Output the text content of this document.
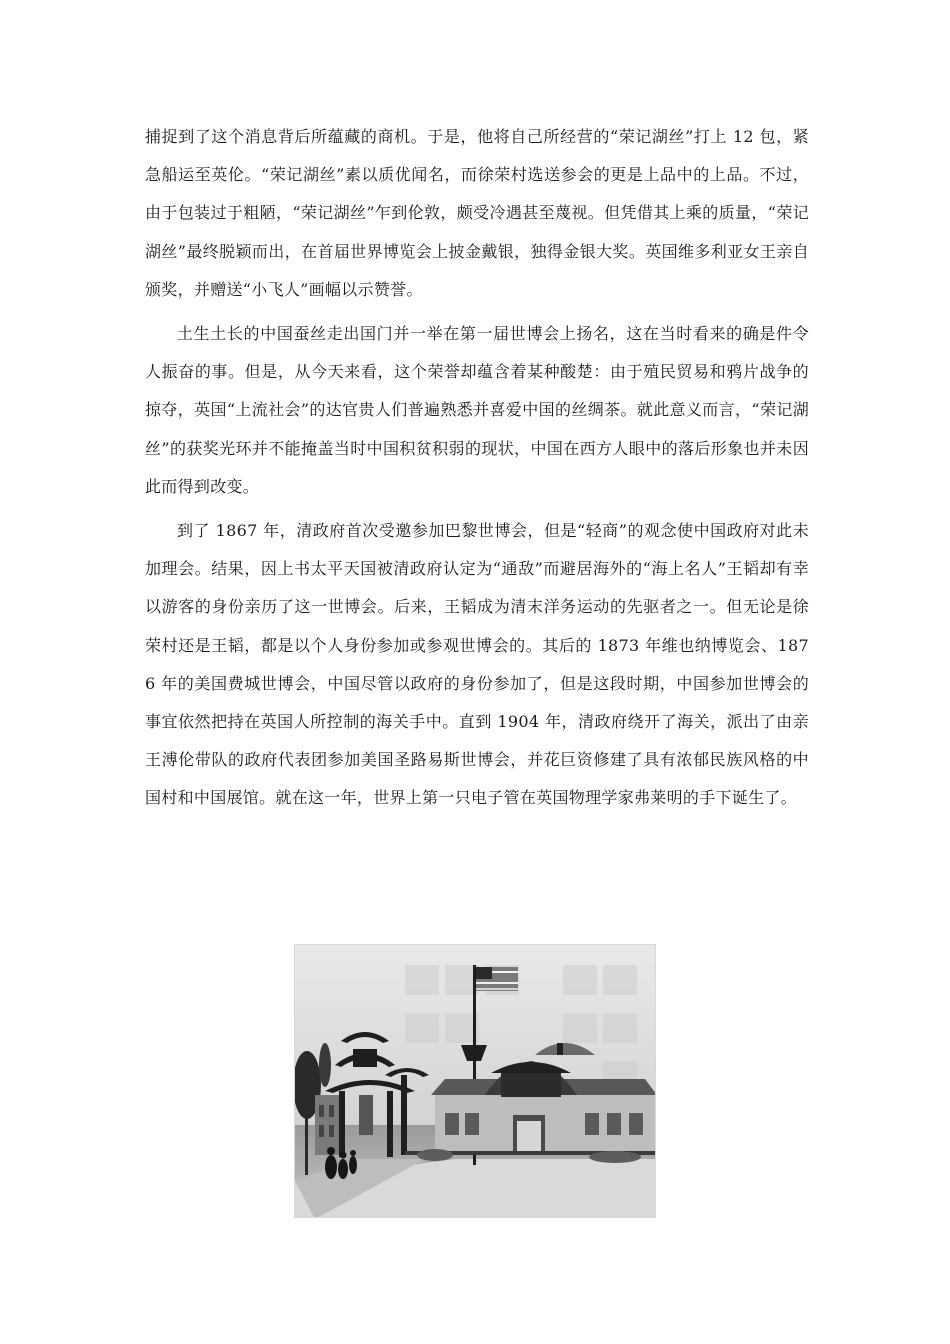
捕捉到了这个消息背后所蕴藏的商机。于是，他将自己所经营的“荣记湖丝”打上 12 包，紧急船运至英伦。“荣记湖丝”素以质优闻名，而徐荣村选送参会的更是上品中的上品。不过，由于包装过于粗陋，“荣记湖丝”乍到伦敦，颇受冷遇甚至蔑视。但凭借其上乘的质量，“荣记湖丝”最终脱颖而出，在首届世界博览会上披金戴银，独得金银大奖。英国维多利亚女王亲自颁奖，并赠送“小飞人”画幅以示赞誉。

土生土长的中国蚕丝走出国门并一举在第一届世博会上扬名，这在当时看来的确是件令人振奋的事。但是，从今天来看，这个荣誉却蕴含着某种酸楚：由于殖民贸易和鸦片战争的掠夺，英国“上流社会”的达官贵人们普遍熟悉并喜爱中国的丝绸茶。就此意义而言，“荣记湖丝”的获奖光环并不能掩盖当时中国积贫积弱的现状，中国在西方人眼中的落后形象也并未因此而得到改变。

到了 1867 年，清政府首次受邀参加巴黎世博会，但是“轻商”的观念使中国政府对此未加理会。结果，因上书太平天国被清政府认定为“通敌”而避居海外的“海上名人”王韬却有幸以游客的身份亲历了这一世博会。后来，王韬成为清末洋务运动的先驱者之一。但无论是徐荣村还是王韬，都是以个人身份参加或参观世博会的。其后的 1873 年维也纳博览会、1876 年的美国费城世博会，中国尽管以政府的身份参加了，但是这段时期，中国参加世博会的事宜依然把持在英国人所控制的海关手中。直到 1904 年，清政府绕开了海关，派出了由亲王溥伦带队的政府代表团参加美国圣路易斯世博会，并花巨资修建了具有浓郁民族风格的中国村和中国展馆。就在这一年，世界上第一只电子管在英国物理学家弗莱明的手下诞生了。
